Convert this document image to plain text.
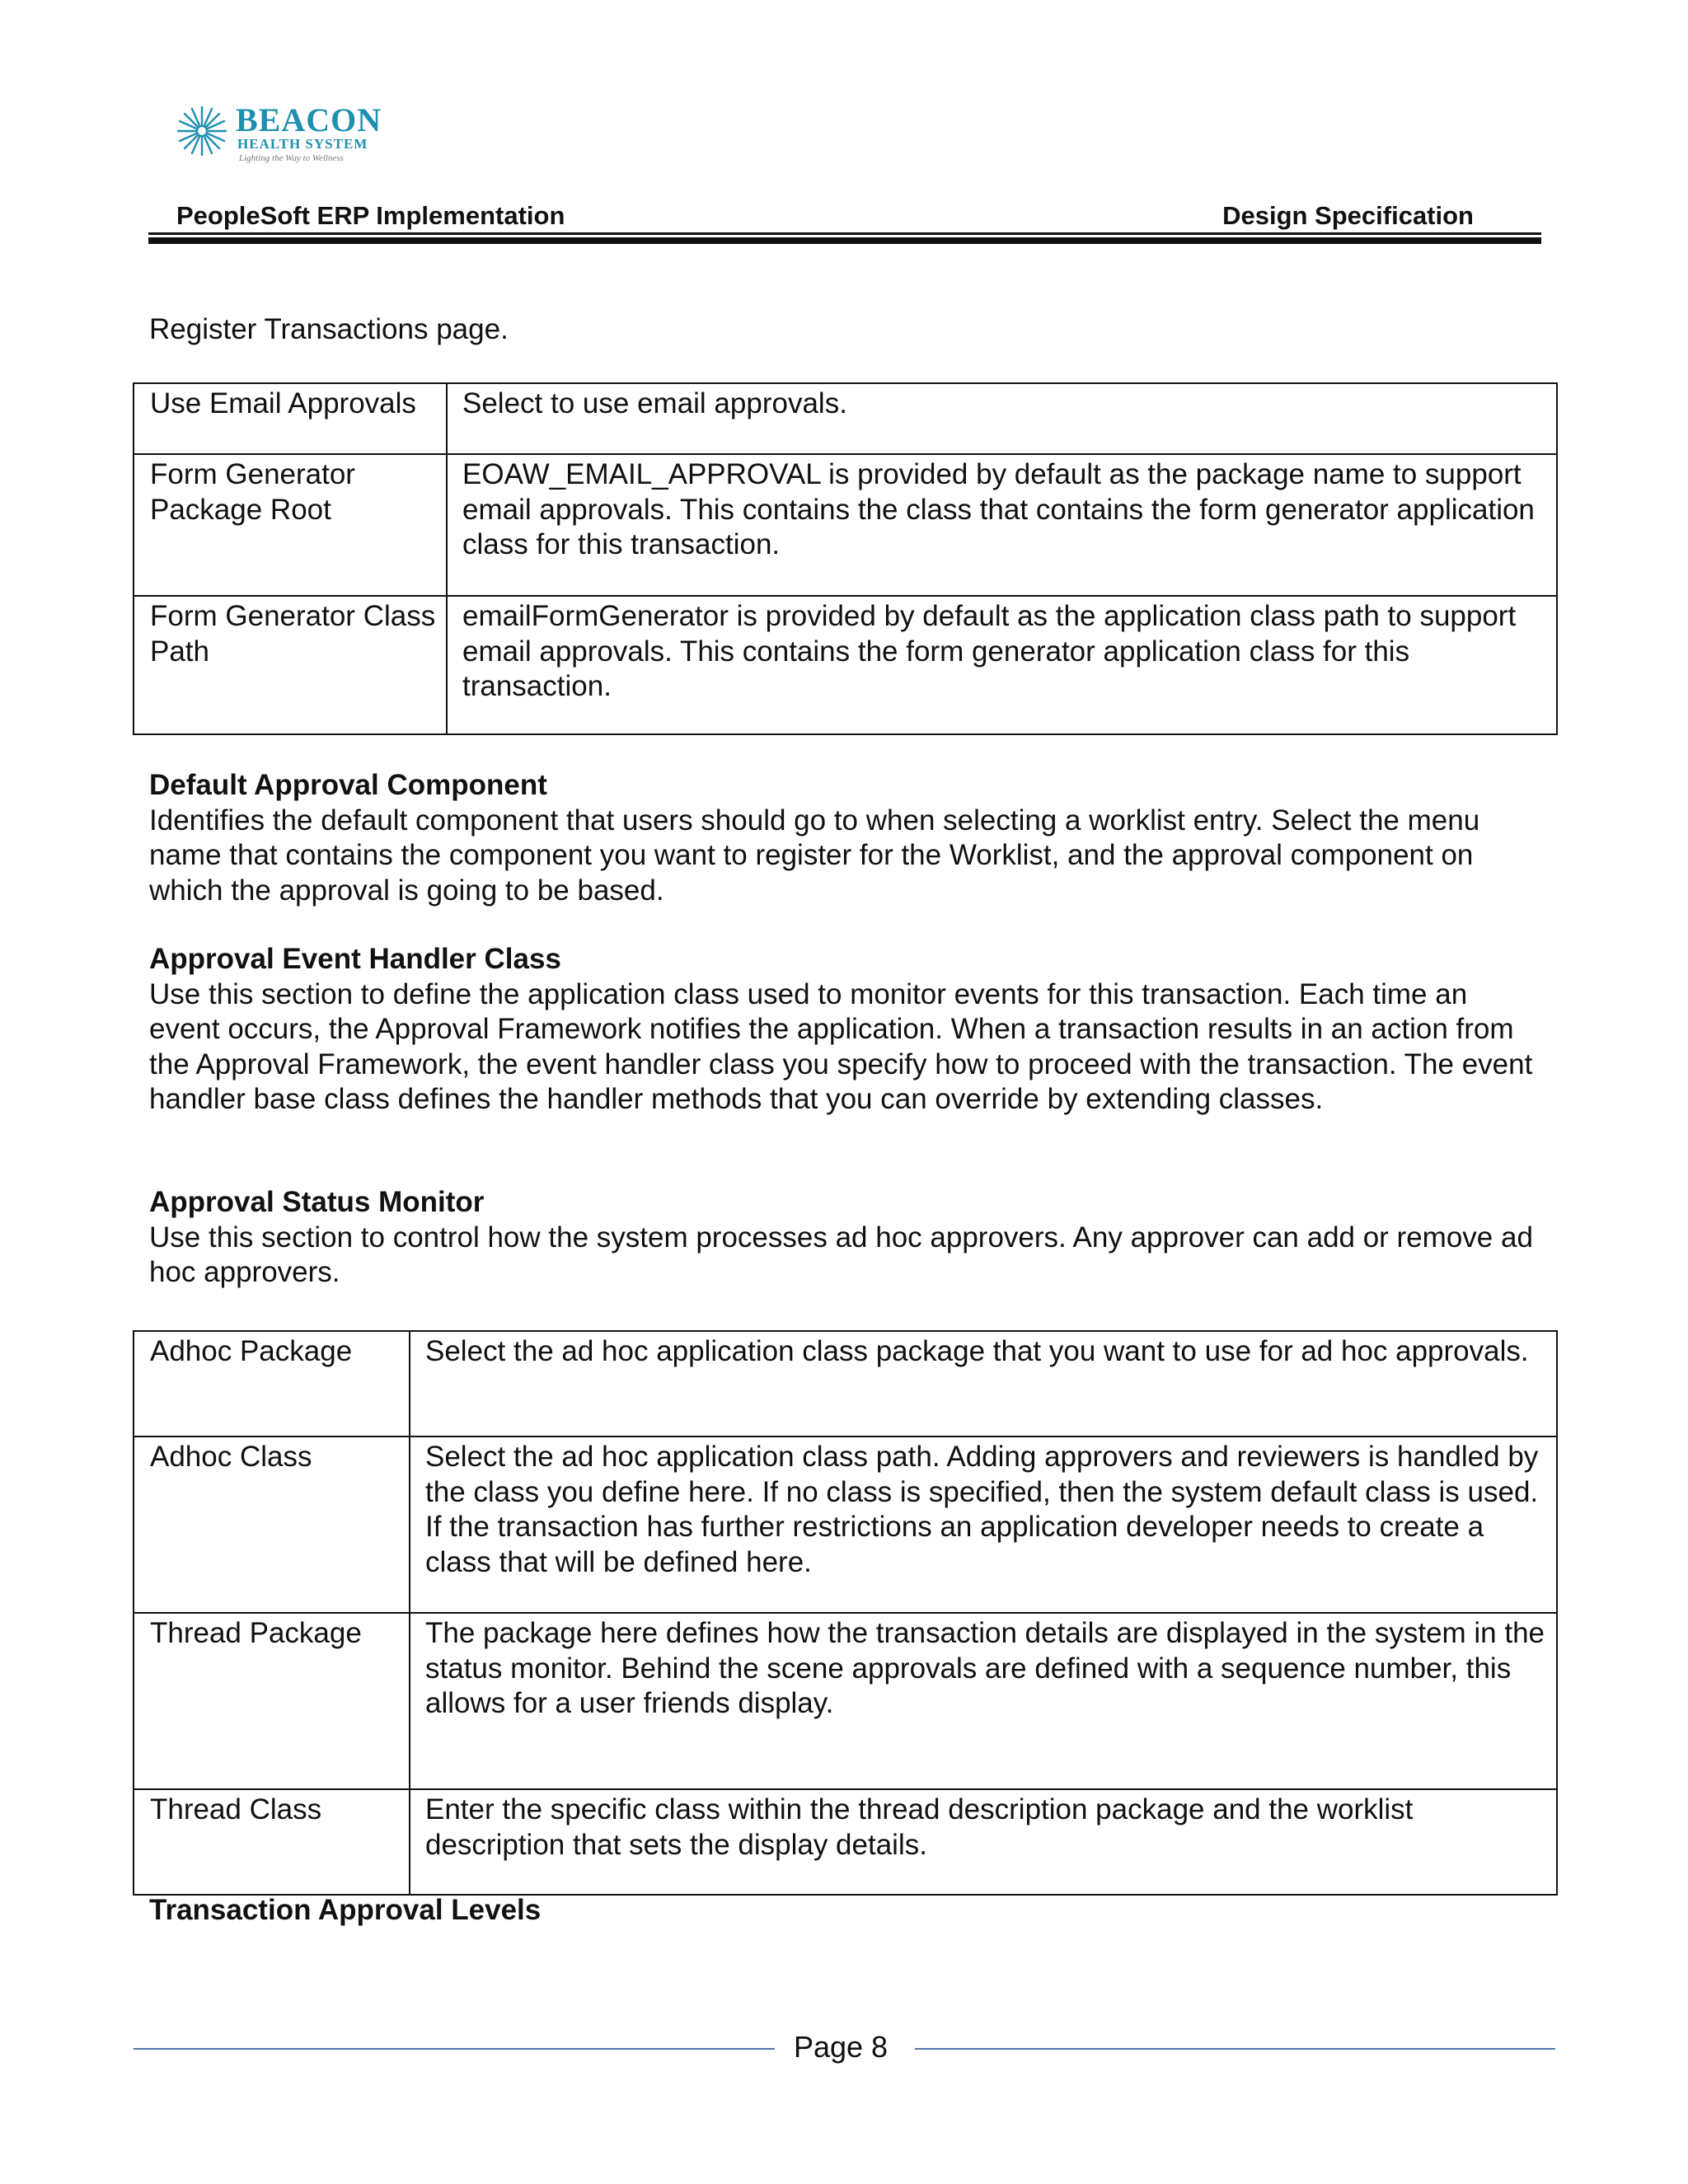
BEACON
HEALTH SYSTEM
Lighting the Way to Wellness
PeopleSoft ERP Implementation	Design Specification
Register Transactions page.
Use Email Approvals	Select to use email approvals.
Form Generator Package Root	EOAW_EMAIL_APPROVAL is provided by default as the package name to support email approvals. This contains the class that contains the form generator application class for this transaction.
Form Generator Class Path	emailFormGenerator is provided by default as the application class path to support email approvals. This contains the form generator application class for this transaction.
Default Approval Component

Identifies the default component that users should go to when selecting a worklist entry. Select the menu name that contains the component you want to register for the Worklist, and the approval component on which the approval is going to be based.

Approval Event Handler Class

Use this section to define the application class used to monitor events for this transaction. Each time an event occurs, the Approval Framework notifies the application. When a transaction results in an action from the Approval Framework, the event handler class you specify how to proceed with the transaction. The event handler base class defines the handler methods that you can override by extending classes.

Approval Status Monitor

Use this section to control how the system processes ad hoc approvers. Any approver can add or remove ad hoc approvers.

Adhoc Package	Select the ad hoc application class package that you want to use for ad hoc approvals.
Adhoc Class	Select the ad hoc application class path. Adding approvers and reviewers is handled by the class you define here. If no class is specified, then the system default class is used. If the transaction has further restrictions an application developer needs to create a class that will be defined here.
Thread Package	The package here defines how the transaction details are displayed in the system in the status monitor. Behind the scene approvals are defined with a sequence number, this allows for a user friends display.
Thread Class	Enter the specific class within the thread description package and the worklist description that sets the display details.
Transaction Approval Levels
Page 8
